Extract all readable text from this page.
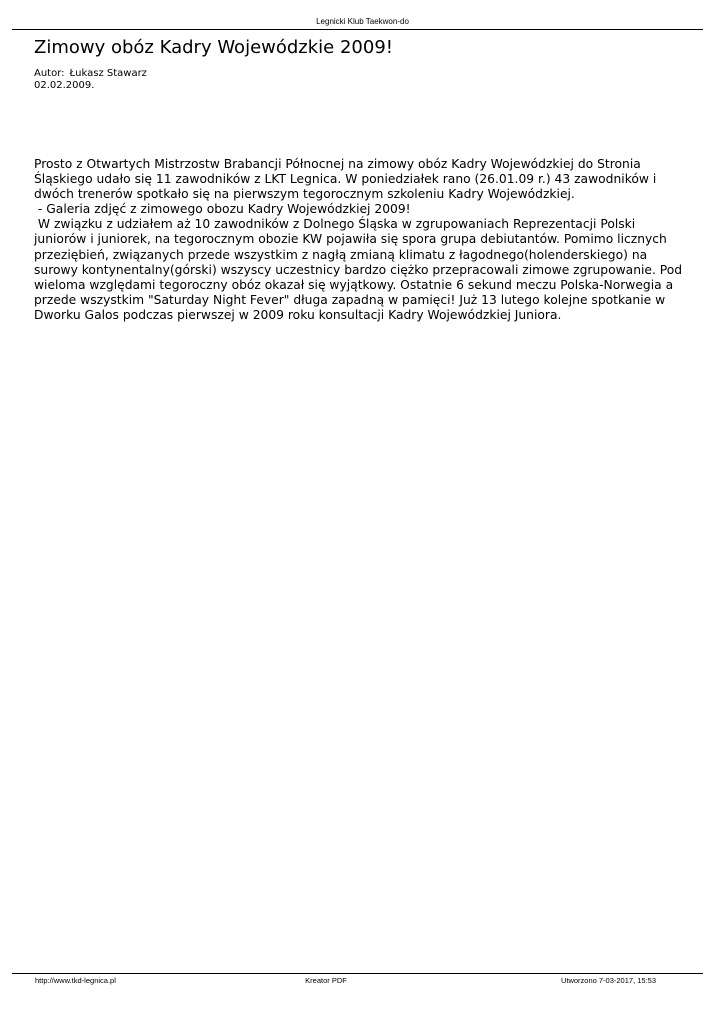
Legnicki Klub Taekwon-do
Zimowy obóz Kadry Wojewódzkie 2009!
Autor: Łukasz Stawarz
02.02.2009.
Prosto z Otwartych Mistrzostw Brabancji Północnej na zimowy obóz Kadry Wojewódzkiej do Stronia
Śląskiego udało się 11 zawodników z LKT Legnica. W poniedziałek rano (26.01.09 r.) 43 zawodników i
dwóch trenerów spotkało się na pierwszym tegorocznym szkoleniu Kadry Wojewódzkiej.
- Galeria zdjęć z zimowego obozu Kadry Wojewódzkiej 2009!
W związku z udziałem aż 10 zawodników z Dolnego Śląska w zgrupowaniach Reprezentacji Polski
juniorów i juniorek, na tegorocznym obozie KW pojawiła się spora grupa debiutantów. Pomimo licznych
przeziębień, związanych przede wszystkim z nagłą zmianą klimatu z łagodnego(holenderskiego) na
surowy kontynentalny(górski) wszyscy uczestnicy bardzo ciężko przepracowali zimowe zgrupowanie. Pod
wieloma względami tegoroczny obóz okazał się wyjątkowy. Ostatnie 6 sekund meczu Polska-Norwegia a
przede wszystkim "Saturday Night Fever" długa zapadną w pamięci! Już 13 lutego kolejne spotkanie w
Dworku Galos podczas pierwszej w 2009 roku konsultacji Kadry Wojewódzkiej Juniora.
http://www.tkd-legnica.pl	Kreator PDF	Utworzono 7-03-2017, 15:53
